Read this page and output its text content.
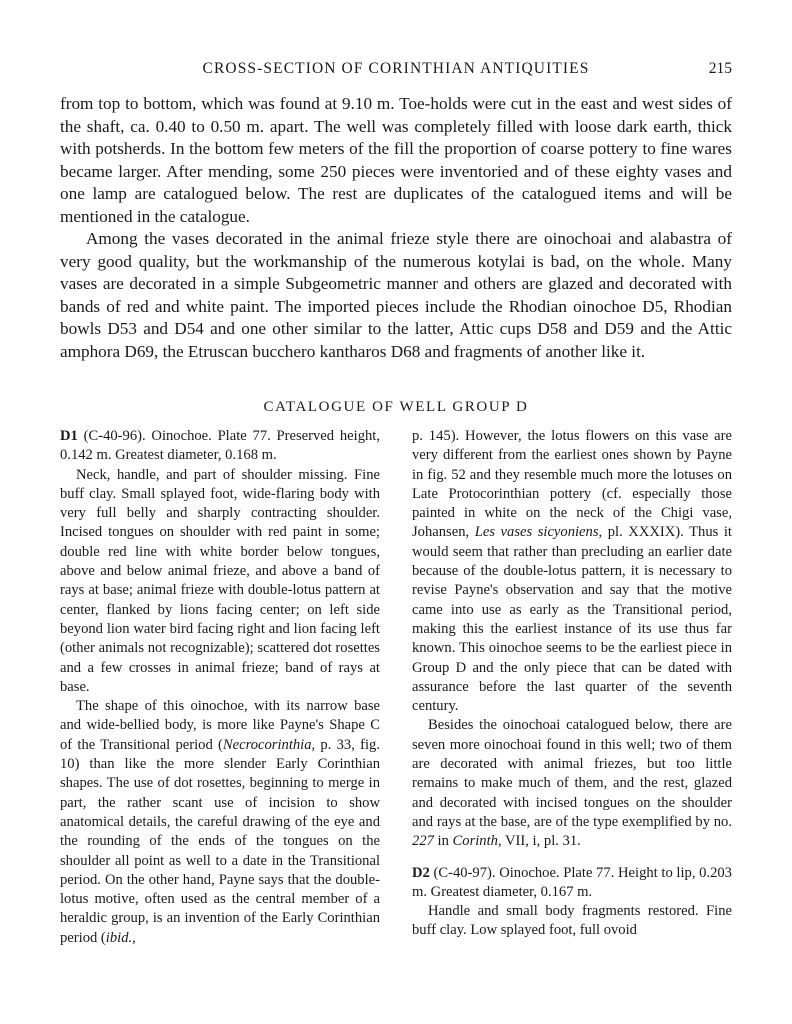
CROSS-SECTION OF CORINTHIAN ANTIQUITIES	215

from top to bottom, which was found at 9.10 m. Toe-holds were cut in the east and west sides of the shaft, ca. 0.40 to 0.50 m. apart. The well was completely filled with loose dark earth, thick with potsherds. In the bottom few meters of the fill the proportion of coarse pottery to fine wares became larger. After mending, some 250 pieces were inventoried and of these eighty vases and one lamp are catalogued below. The rest are duplicates of the catalogued items and will be mentioned in the catalogue.

Among the vases decorated in the animal frieze style there are oinochoai and alabastra of very good quality, but the workmanship of the numerous kotylai is bad, on the whole. Many vases are decorated in a simple Subgeometric manner and others are glazed and decorated with bands of red and white paint. The imported pieces include the Rhodian oinochoe D5, Rhodian bowls D53 and D54 and one other similar to the latter, Attic cups D58 and D59 and the Attic amphora D69, the Etruscan bucchero kantharos D68 and fragments of another like it.

CATALOGUE OF WELL GROUP D

D1 (C-40-96). Oinochoe. Plate 77. Preserved height, 0.142 m. Greatest diameter, 0.168 m.

Neck, handle, and part of shoulder missing. Fine buff clay. Small splayed foot, wide-flaring body with very full belly and sharply contracting shoulder. Incised tongues on shoulder with red paint in some; double red line with white border below tongues, above and below animal frieze, and above a band of rays at base; animal frieze with double-lotus pattern at center, flanked by lions facing center; on left side beyond lion water bird facing right and lion facing left (other animals not recognizable); scattered dot rosettes and a few crosses in animal frieze; band of rays at base.

The shape of this oinochoe, with its narrow base and wide-bellied body, is more like Payne's Shape C of the Transitional period (Necrocorinthia, p. 33, fig. 10) than like the more slender Early Corinthian shapes. The use of dot rosettes, beginning to merge in part, the rather scant use of incision to show anatomical details, the careful drawing of the eye and the rounding of the ends of the tongues on the shoulder all point as well to a date in the Transitional period. On the other hand, Payne says that the double-lotus motive, often used as the central member of a heraldic group, is an invention of the Early Corinthian period (ibid.,

p. 145). However, the lotus flowers on this vase are very different from the earliest ones shown by Payne in fig. 52 and they resemble much more the lotuses on Late Protocorinthian pottery (cf. especially those painted in white on the neck of the Chigi vase, Johansen, Les vases sicyoniens, pl. XXXIX). Thus it would seem that rather than precluding an earlier date because of the double-lotus pattern, it is necessary to revise Payne's observation and say that the motive came into use as early as the Transitional period, making this the earliest instance of its use thus far known. This oinochoe seems to be the earliest piece in Group D and the only piece that can be dated with assurance before the last quarter of the seventh century.

Besides the oinochoai catalogued below, there are seven more oinochoai found in this well; two of them are decorated with animal friezes, but too little remains to make much of them, and the rest, glazed and decorated with incised tongues on the shoulder and rays at the base, are of the type exemplified by no. 227 in Corinth, VII, i, pl. 31.

D2 (C-40-97). Oinochoe. Plate 77. Height to lip, 0.203 m. Greatest diameter, 0.167 m.

Handle and small body fragments restored. Fine buff clay. Low splayed foot, full ovoid
